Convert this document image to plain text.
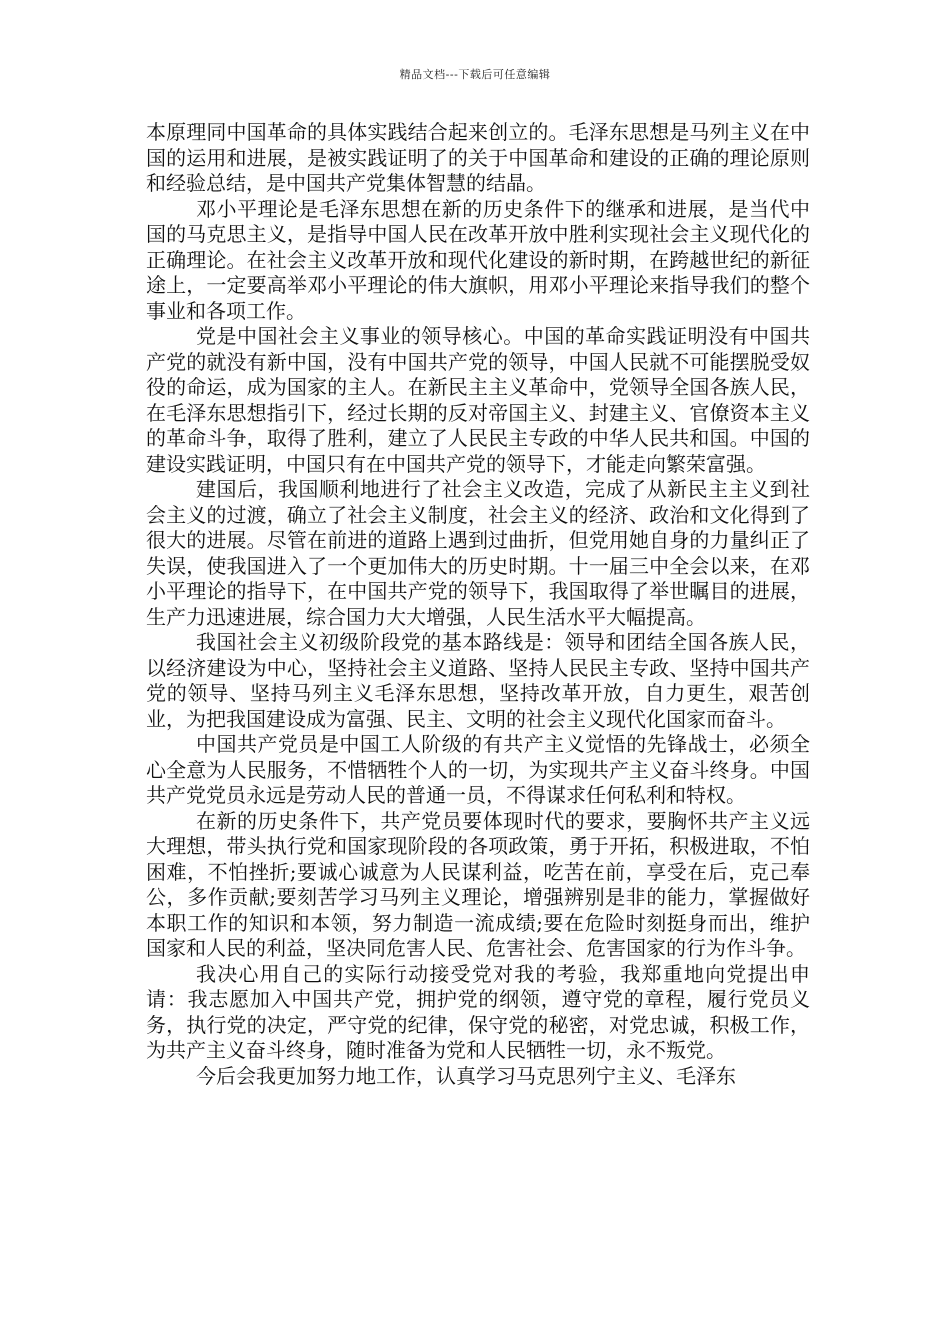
精品文档---下载后可任意编辑

本原理同中国革命的具体实践结合起来创立的。毛泽东思想是马列主义在中国的运用和进展，是被实践证明了的关于中国革命和建设的正确的理论原则和经验总结，是中国共产党集体智慧的结晶。

邓小平理论是毛泽东思想在新的历史条件下的继承和进展，是当代中国的马克思主义，是指导中国人民在改革开放中胜利实现社会主义现代化的正确理论。在社会主义改革开放和现代化建设的新时期，在跨越世纪的新征途上，一定要高举邓小平理论的伟大旗帜，用邓小平理论来指导我们的整个事业和各项工作。

党是中国社会主义事业的领导核心。中国的革命实践证明没有中国共产党的就没有新中国，没有中国共产党的领导，中国人民就不可能摆脱受奴役的命运，成为国家的主人。在新民主主义革命中，党领导全国各族人民，在毛泽东思想指引下，经过长期的反对帝国主义、封建主义、官僚资本主义的革命斗争，取得了胜利，建立了人民民主专政的中华人民共和国。中国的建设实践证明，中国只有在中国共产党的领导下，才能走向繁荣富强。

建国后，我国顺利地进行了社会主义改造，完成了从新民主主义到社会主义的过渡，确立了社会主义制度，社会主义的经济、政治和文化得到了很大的进展。尽管在前进的道路上遇到过曲折，但党用她自身的力量纠正了失误，使我国进入了一个更加伟大的历史时期。十一届三中全会以来，在邓小平理论的指导下，在中国共产党的领导下，我国取得了举世瞩目的进展，生产力迅速进展，综合国力大大增强，人民生活水平大幅提高。

我国社会主义初级阶段党的基本路线是：领导和团结全国各族人民，以经济建设为中心，坚持社会主义道路、坚持人民民主专政、坚持中国共产党的领导、坚持马列主义毛泽东思想，坚持改革开放，自力更生，艰苦创业，为把我国建设成为富强、民主、文明的社会主义现代化国家而奋斗。

中国共产党员是中国工人阶级的有共产主义觉悟的先锋战士，必须全心全意为人民服务，不惜牺牲个人的一切，为实现共产主义奋斗终身。中国共产党党员永远是劳动人民的普通一员，不得谋求任何私利和特权。

在新的历史条件下，共产党员要体现时代的要求，要胸怀共产主义远大理想，带头执行党和国家现阶段的各项政策，勇于开拓，积极进取，不怕困难，不怕挫折;要诚心诚意为人民谋利益，吃苦在前，享受在后，克己奉公，多作贡献;要刻苦学习马列主义理论，增强辨别是非的能力，掌握做好本职工作的知识和本领，努力制造一流成绩;要在危险时刻挺身而出，维护国家和人民的利益，坚决同危害人民、危害社会、危害国家的行为作斗争。

我决心用自己的实际行动接受党对我的考验，我郑重地向党提出申请：我志愿加入中国共产党，拥护党的纲领，遵守党的章程，履行党员义务，执行党的决定，严守党的纪律，保守党的秘密，对党忠诚，积极工作，为共产主义奋斗终身，随时准备为党和人民牺牲一切，永不叛党。

今后会我更加努力地工作，认真学习马克思列宁主义、毛泽东
